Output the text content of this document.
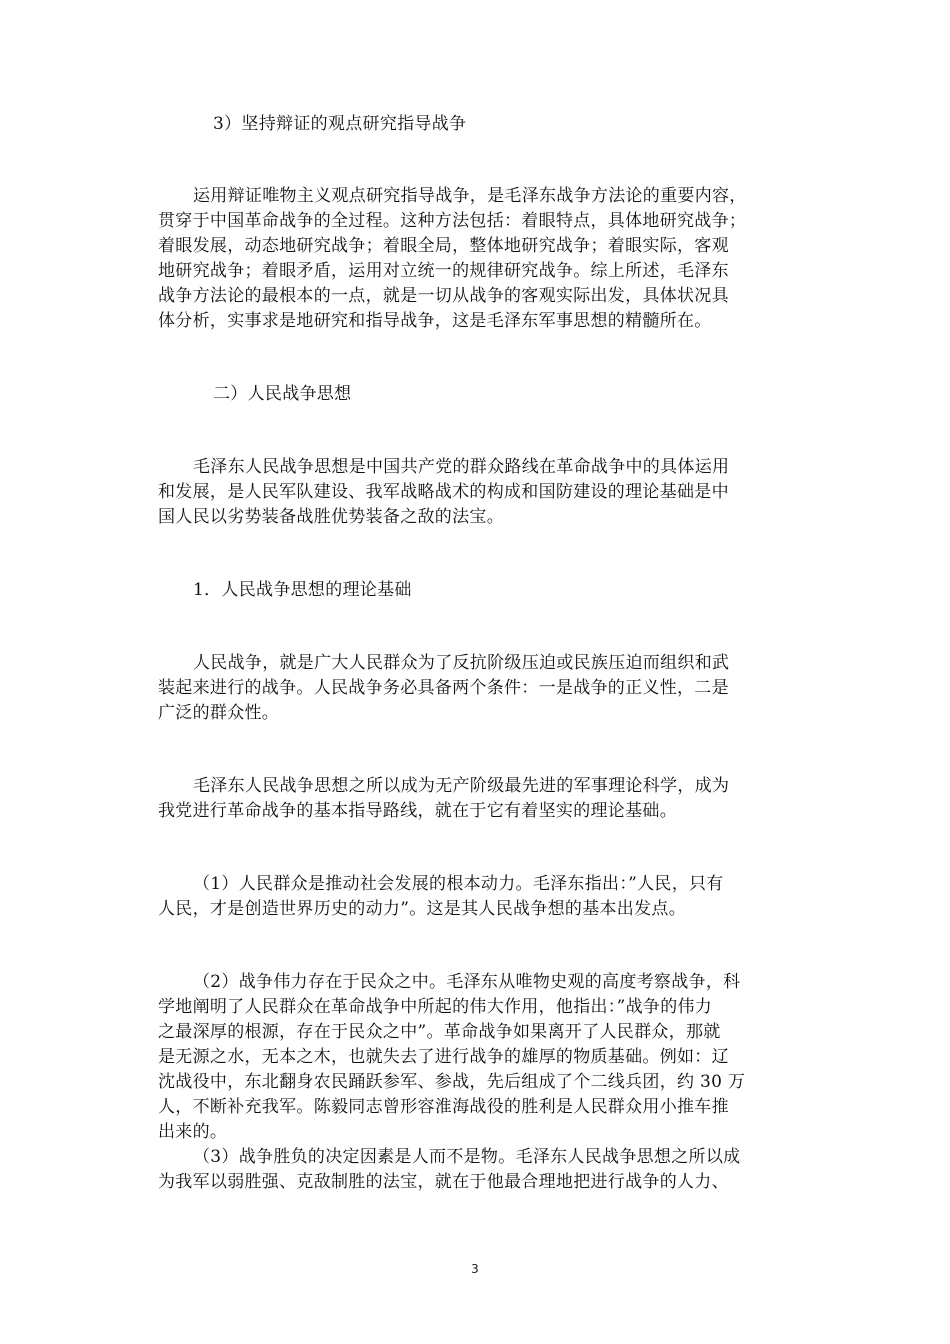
3）坚持辩证的观点研究指导战争
运用辩证唯物主义观点研究指导战争，是毛泽东战争方法论的重要内容，
贯穿于中国革命战争的全过程。这种方法包括：着眼特点，具体地研究战争；
着眼发展，动态地研究战争；着眼全局，整体地研究战争；着眼实际，客观
地研究战争；着眼矛盾，运用对立统一的规律研究战争。综上所述，毛泽东
战争方法论的最根本的一点，就是一切从战争的客观实际出发，具体状况具
体分析，实事求是地研究和指导战争，这是毛泽东军事思想的精髓所在。
二）人民战争思想
毛泽东人民战争思想是中国共产党的群众路线在革命战争中的具体运用
和发展，是人民军队建设、我军战略战术的构成和国防建设的理论基础是中
国人民以劣势装备战胜优势装备之敌的法宝。
1．人民战争思想的理论基础
人民战争，就是广大人民群众为了反抗阶级压迫或民族压迫而组织和武
装起来进行的战争。人民战争务必具备两个条件：一是战争的正义性，二是
广泛的群众性。
毛泽东人民战争思想之所以成为无产阶级最先进的军事理论科学，成为
我党进行革命战争的基本指导路线，就在于它有着坚实的理论基础。
（1）人民群众是推动社会发展的根本动力。毛泽东指出：”人民，只有
人民，才是创造世界历史的动力”。这是其人民战争想的基本出发点。
（2）战争伟力存在于民众之中。毛泽东从唯物史观的高度考察战争，科
学地阐明了人民群众在革命战争中所起的伟大作用，他指出：”战争的伟力
之最深厚的根源，存在于民众之中”。革命战争如果离开了人民群众，那就
是无源之水，无本之木，也就失去了进行战争的雄厚的物质基础。例如：辽
沈战役中，东北翻身农民踊跃参军、参战，先后组成了个二线兵团，约 30 万
人，不断补充我军。陈毅同志曾形容淮海战役的胜利是人民群众用小推车推
出来的。
（3）战争胜负的决定因素是人而不是物。毛泽东人民战争思想之所以成
为我军以弱胜强、克敌制胜的法宝，就在于他最合理地把进行战争的人力、
3
